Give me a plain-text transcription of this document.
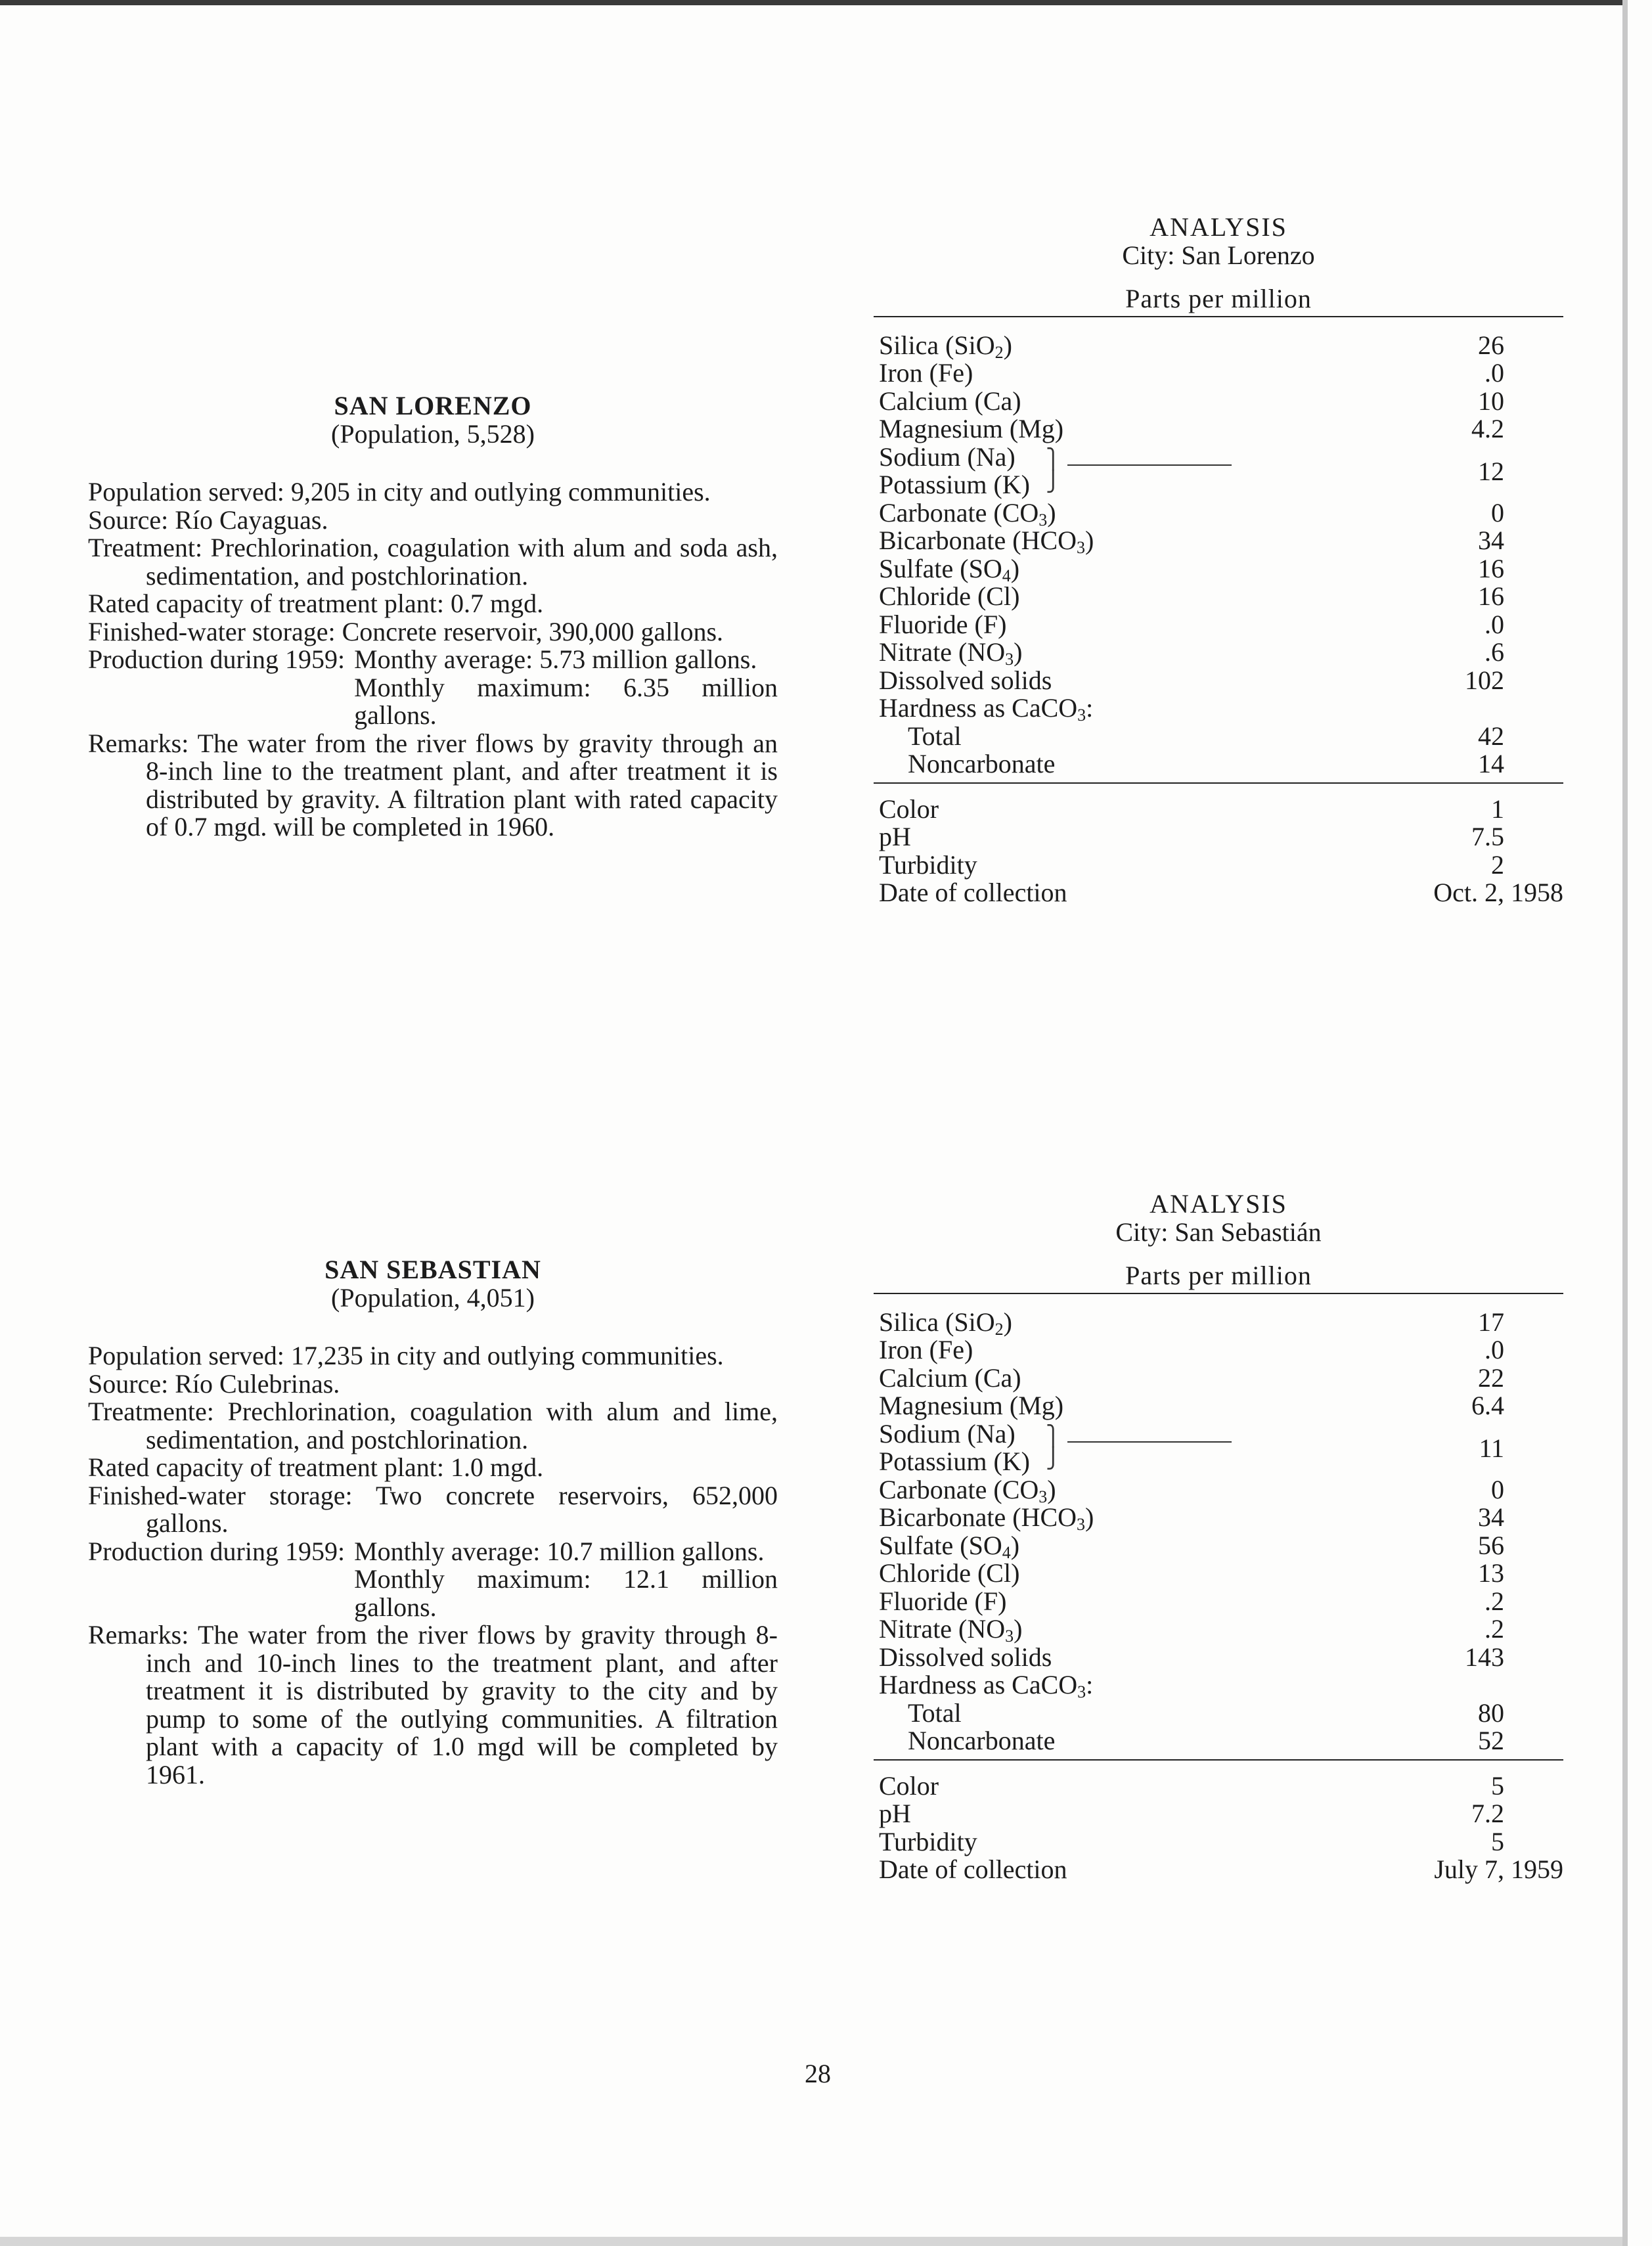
SAN LORENZO
(Population, 5,528)
Population served: 9,205 in city and outlying communities.
Source: Río Cayaguas.
Treatment: Prechlorination, coagulation with alum and soda ash, sedimentation, and postchlorination.
Rated capacity of treatment plant: 0.7 mgd.
Finished-water storage: Concrete reservoir, 390,000 gallons.
Production during 1959: Monthy average: 5.73 million gallons.
Monthly maximum: 6.35 million gallons.
Remarks: The water from the river flows by gravity through an 8-inch line to the treatment plant, and after treatment it is distributed by gravity. A filtration plant with rated capacity of 0.7 mgd. will be completed in 1960.
ANALYSIS
City: San Lorenzo
Parts per million
Silica (SiO$_2$)	26
Iron (Fe)	.0
Calcium (Ca)	10
Magnesium (Mg)	4.2
Sodium (Na)
Potassium (K)
⎫
⎭	12
Carbonate $(CO_3)$	0
Bicarbonate $(HCO_3)$	34
Sulfate $(SO_4)$	16
Chloride (Cl)	16
Fluoride (F)	.0
Nitrate $(NO_3)$	.6
Dissolved solids	102
Hardness as CaCO$_3$:
Total	42
Noncarbonate	14
Color	1
pH	7.5
Turbidity	2
Date of collection	Oct. 2, 1958
SAN SEBASTIAN
(Population, 4,051)
Population served: 17,235 in city and outlying communities.
Source: Río Culebrinas.
Treatmente: Prechlorination, coagulation with alum and lime, sedimentation, and postchlorination.
Rated capacity of treatment plant: 1.0 mgd.
Finished-water storage: Two concrete reservoirs, 652,000 gallons.
Production during 1959: Monthly average: 10.7 million gallons.
Monthly maximum: 12.1 million gallons.
Remarks: The water from the river flows by gravity through 8-inch and 10-inch lines to the treatment plant, and after treatment it is distributed by gravity to the city and by pump to some of the outlying communities. A filtration plant with a capacity of 1.0 mgd will be completed by 1961.
ANALYSIS
City: San Sebastián
Parts per million
Silica (SiO$_2$)	17
Iron (Fe)	.0
Calcium (Ca)	22
Magnesium (Mg)	6.4
Sodium (Na)
Potassium (K)
⎫
⎭	11
Carbonate $(CO_3)$	0
Bicarbonate $(HCO_3)$	34
Sulfate $(SO_4)$	56
Chloride (Cl)	13
Fluoride (F)	.2
Nitrate $(NO_3)$	.2
Dissolved solids	143
Hardness as CaCO$_3$:
Total	80
Noncarbonate	52
Color	5
pH	7.2
Turbidity	5
Date of collection	July 7, 1959
28
